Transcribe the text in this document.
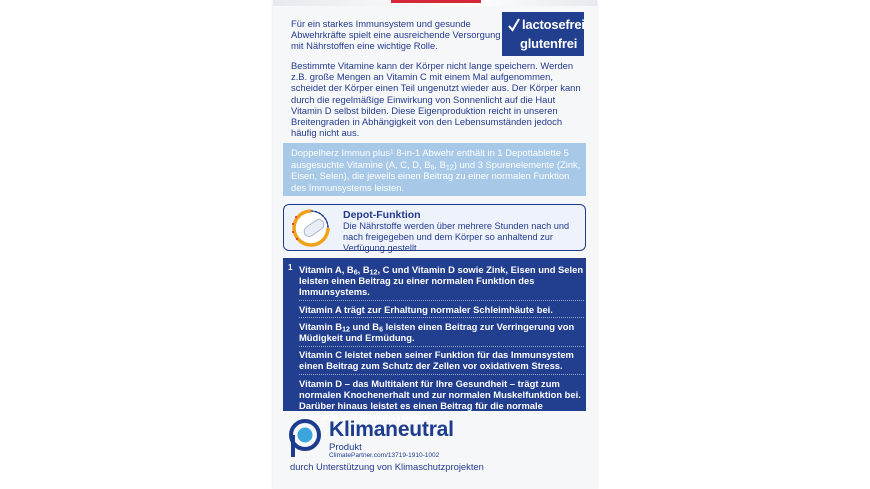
Für ein starkes Immunsystem und gesunde Abwehrkräfte spielt eine ausreichende Versorgung mit Nährstoffen eine wichtige Rolle.

lactosefrei
glutenfrei

Bestimmte Vitamine kann der Körper nicht lange speichern. Werden z.B. große Mengen an Vitamin C mit einem Mal aufgenommen, scheidet der Körper einen Teil ungenutzt wieder aus. Der Körper kann durch die regelmäßige Einwirkung von Sonnenlicht auf die Haut Vitamin D selbst bilden. Diese Eigenproduktion reicht in unseren Breitengraden in Abhängigkeit von den Lebensumständen jedoch häufig nicht aus.

Doppelherz Immun plus$^1$ 8-in-1 Abwehr enthält in 1 Depottablette 5 ausgesuchte Vitamine (A, C, D, $B_6$, $B_{12}$) und 3 Spurenelemente (Zink, Eisen, Selen), die jeweils einen Beitrag zu einer normalen Funktion des Immunsystems leisten.

Depot-Funktion

Die Nährstoffe werden über mehrere Stunden nach und nach freigegeben und dem Körper so anhaltend zur Verfügung gestellt.

1 Vitamin A, $B_6$, $B_{12}$, C und Vitamin D sowie Zink, Eisen und Selen leisten einen Beitrag zu einer normalen Funktion des Immunsystems.
Vitamin A trägt zur Erhaltung normaler Schleimhäute bei.
Vitamin $B_{12}$ und $B_6$ leisten einen Beitrag zur Verringerung von Müdigkeit und Ermüdung.
Vitamin C leistet neben seiner Funktion für das Immunsystem einen Beitrag zum Schutz der Zellen vor oxidativem Stress.
Vitamin D – das Multitalent für Ihre Gesundheit – trägt zum normalen Knochenerhalt und zur normalen Muskelfunktion bei. Darüber hinaus leistet es einen Beitrag für die normale Funktion des Immunsystems.
Klimaneutral
Produkt
ClimatePartner.com/13719-1910-1002
durch Unterstützung von Klimaschutzprojekten
